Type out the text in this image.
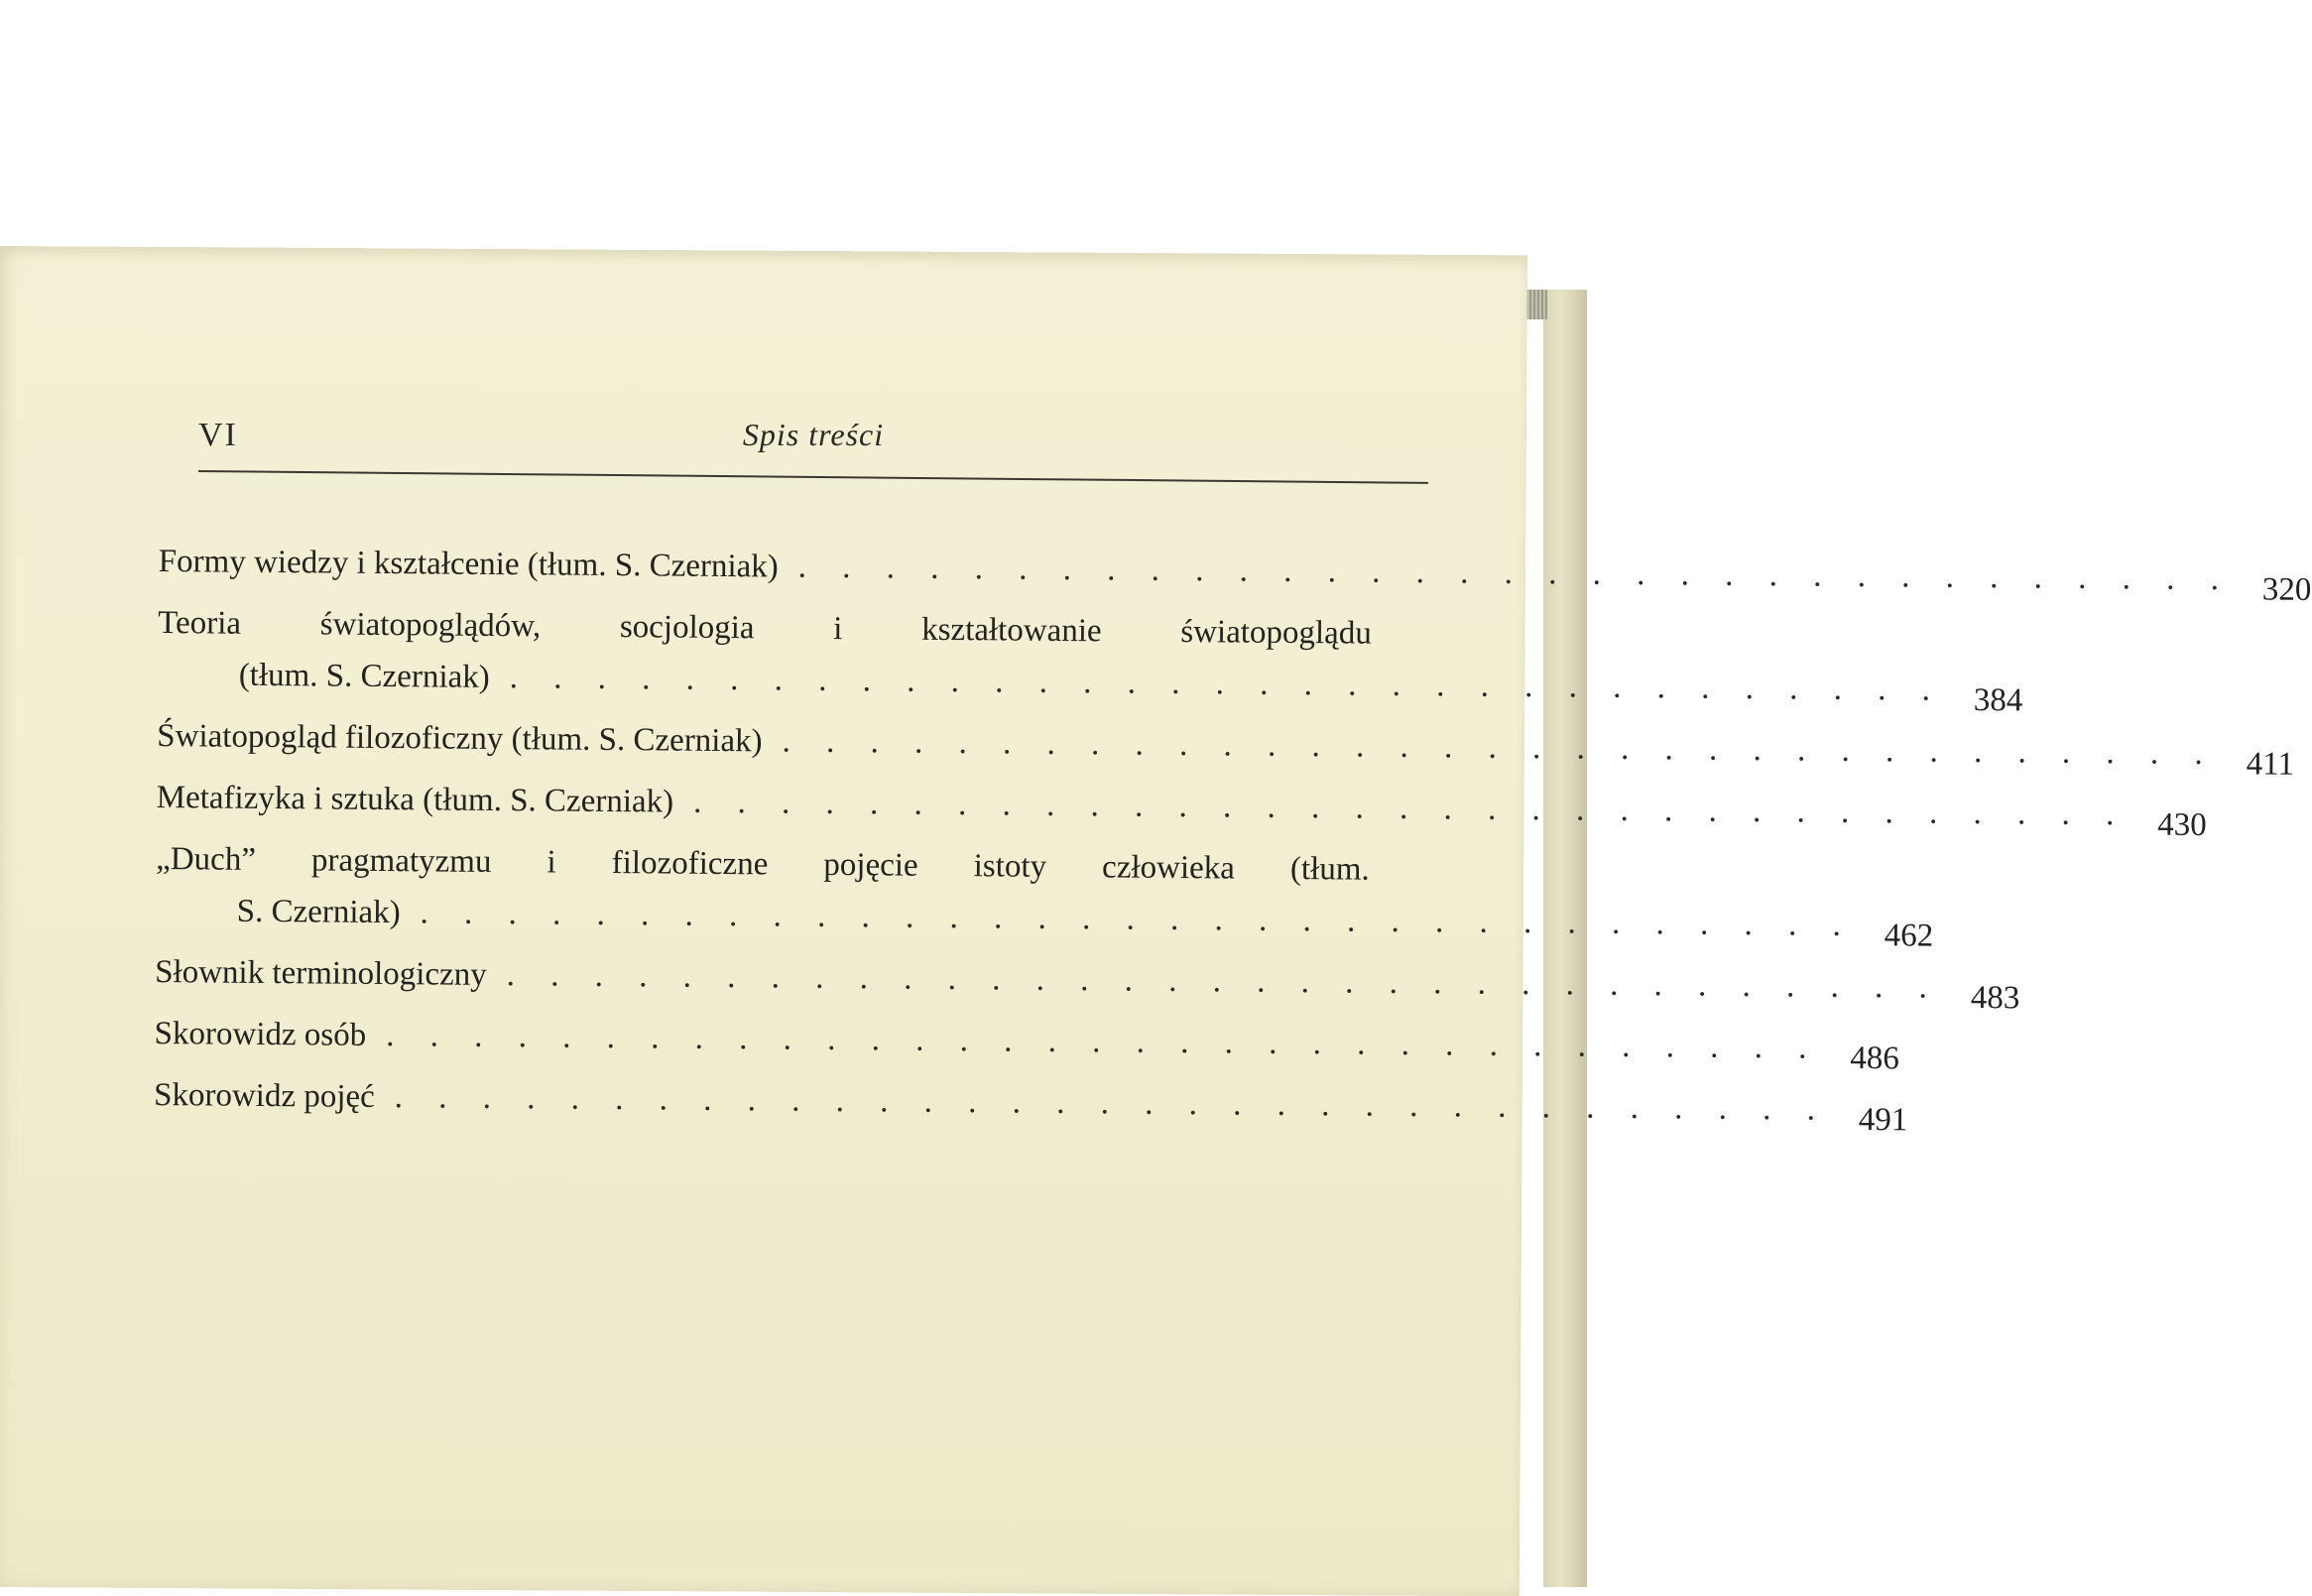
VI	Spis treści
Formy wiedzy i kształcenie (tłum. S. Czerniak) . . . . . . . . . . . . . . . . . . . . . . . . . . . . . . . . . 320
Teoria światopoglądów, socjologia i kształtowanie światopoglądu
(tłum. S. Czerniak) . . . . . . . . . . . . . . . . . . . . . . . . . . . . . . . . . 384
Światopogląd filozoficzny (tłum. S. Czerniak) . . . . . . . . . . . . . . . . . . . . . . . . . . . . . . . . . 411
Metafizyka i sztuka (tłum. S. Czerniak) . . . . . . . . . . . . . . . . . . . . . . . . . . . . . . . . . 430
„Duch” pragmatyzmu i filozoficzne pojęcie istoty człowieka (tłum.
S. Czerniak) . . . . . . . . . . . . . . . . . . . . . . . . . . . . . . . . . 462
Słownik terminologiczny . . . . . . . . . . . . . . . . . . . . . . . . . . . . . . . . . 483
Skorowidz osób . . . . . . . . . . . . . . . . . . . . . . . . . . . . . . . . . 486
Skorowidz pojęć . . . . . . . . . . . . . . . . . . . . . . . . . . . . . . . . . 491
